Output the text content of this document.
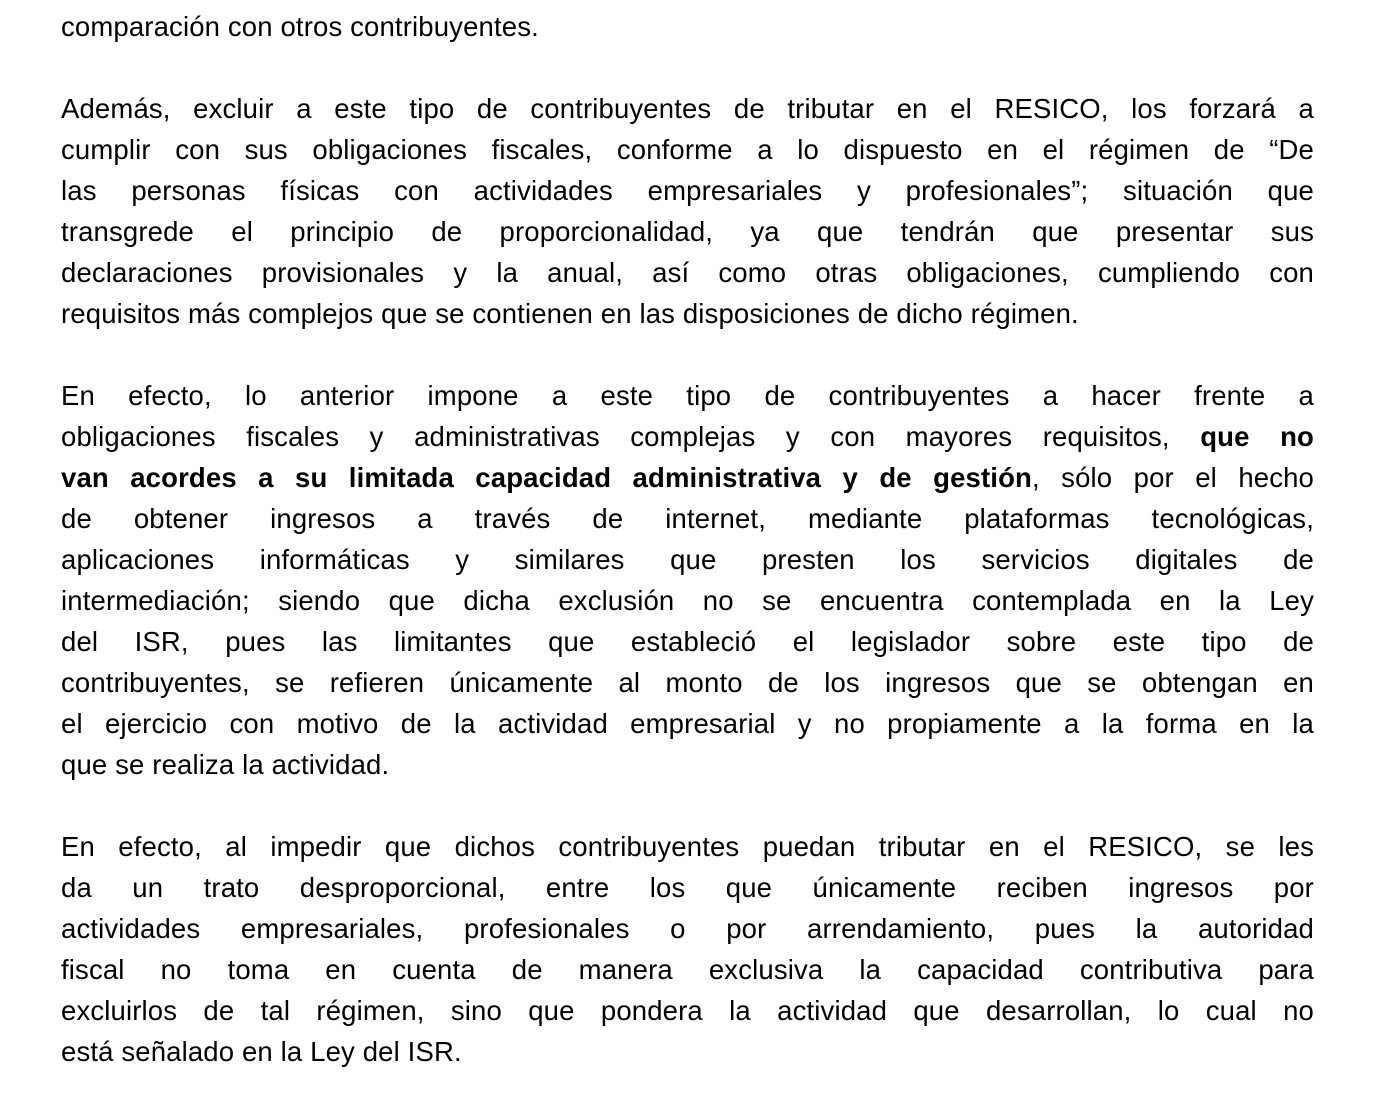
comparación con otros contribuyentes.
Además, excluir a este tipo de contribuyentes de tributar en el RESICO, los forzará a
cumplir con sus obligaciones fiscales, conforme a lo dispuesto en el régimen de “De
las personas físicas con actividades empresariales y profesionales”; situación que
transgrede el principio de proporcionalidad, ya que tendrán que presentar sus
declaraciones provisionales y la anual, así como otras obligaciones, cumpliendo con
requisitos más complejos que se contienen en las disposiciones de dicho régimen.
En efecto, lo anterior impone a este tipo de contribuyentes a hacer frente a
obligaciones fiscales y administrativas complejas y con mayores requisitos, que no
van acordes a su limitada capacidad administrativa y de gestión, sólo por el hecho
de obtener ingresos a través de internet, mediante plataformas tecnológicas,
aplicaciones informáticas y similares que presten los servicios digitales de
intermediación; siendo que dicha exclusión no se encuentra contemplada en la Ley
del ISR, pues las limitantes que estableció el legislador sobre este tipo de
contribuyentes, se refieren únicamente al monto de los ingresos que se obtengan en
el ejercicio con motivo de la actividad empresarial y no propiamente a la forma en la
que se realiza la actividad.
En efecto, al impedir que dichos contribuyentes puedan tributar en el RESICO, se les
da un trato desproporcional, entre los que únicamente reciben ingresos por
actividades empresariales, profesionales o por arrendamiento, pues la autoridad
fiscal no toma en cuenta de manera exclusiva la capacidad contributiva para
excluirlos de tal régimen, sino que pondera la actividad que desarrollan, lo cual no
está señalado en la Ley del ISR.
